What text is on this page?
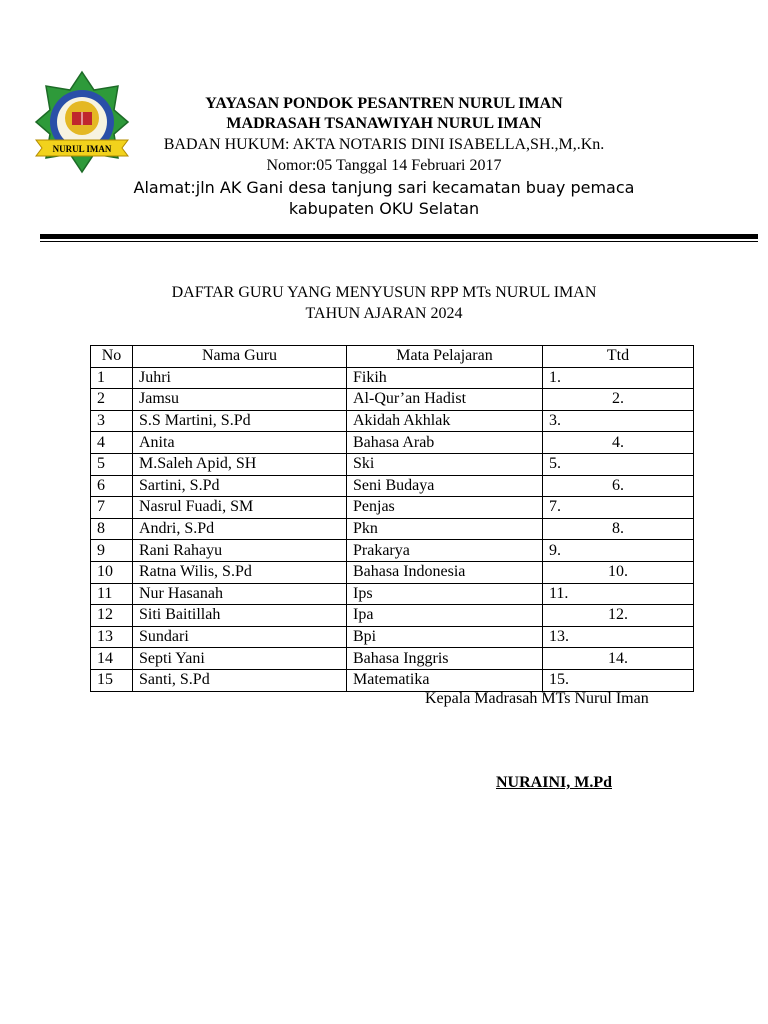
NURUL IMAN
YAYASAN PONDOK PESANTREN NURUL IMAN
MADRASAH TSANAWIYAH NURUL IMAN
BADAN HUKUM: AKTA NOTARIS DINI ISABELLA,SH.,M,.Kn.
Nomor:05 Tanggal 14 Februari 2017
Alamat:jln AK Gani desa tanjung sari kecamatan buay pemaca
kabupaten OKU Selatan
DAFTAR GURU YANG MENYUSUN RPP MTs NURUL IMAN
TAHUN AJARAN 2024
No	Nama Guru	Mata Pelajaran	Ttd
1	Juhri	Fikih	1.
2	Jamsu	Al-Qur’an Hadist	2.
3	S.S Martini, S.Pd	Akidah Akhlak	3.
4	Anita	Bahasa Arab	4.
5	M.Saleh Apid, SH	Ski	5.
6	Sartini, S.Pd	Seni Budaya	6.
7	Nasrul Fuadi, SM	Penjas	7.
8	Andri, S.Pd	Pkn	8.
9	Rani Rahayu	Prakarya	9.
10	Ratna Wilis, S.Pd	Bahasa Indonesia	10.
11	Nur Hasanah	Ips	11.
12	Siti Baitillah	Ipa	12.
13	Sundari	Bpi	13.
14	Septi Yani	Bahasa Inggris	14.
15	Santi, S.Pd	Matematika	15.
Kepala Madrasah MTs Nurul Iman
NURAINI, M.Pd
